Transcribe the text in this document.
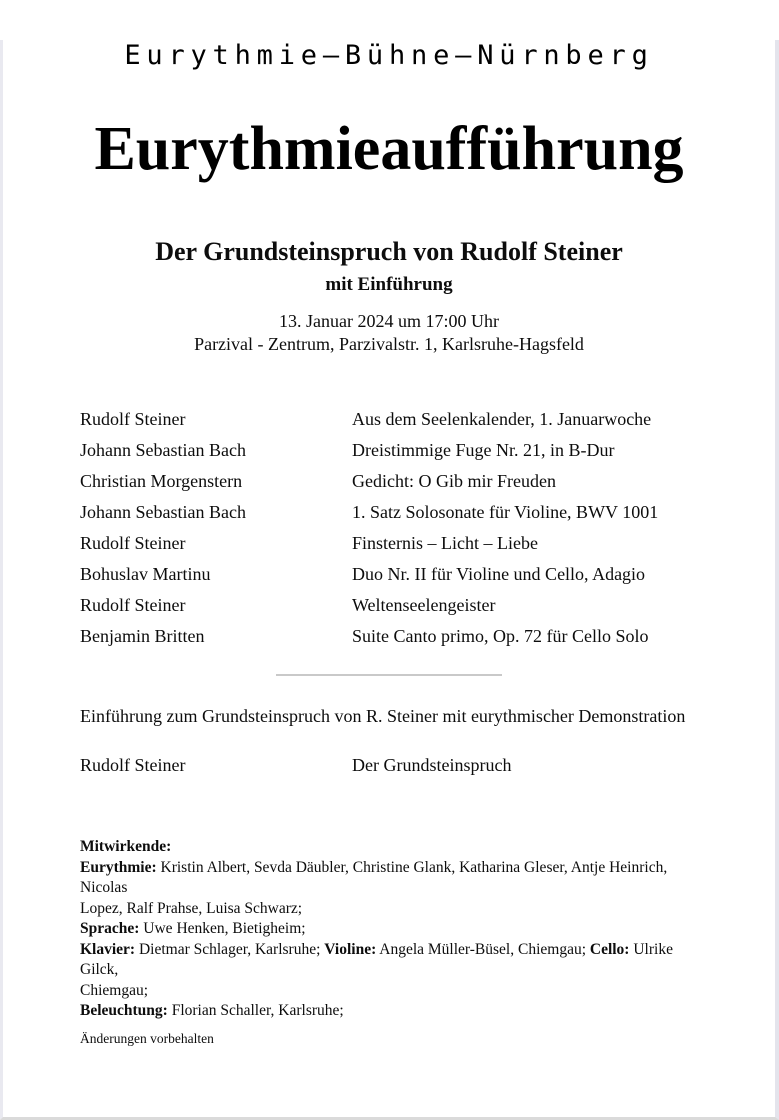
Eurythmie–Bühne–Nürnberg
Eurythmieaufführung
Der Grundsteinspruch von Rudolf Steiner
mit Einführung
13. Januar 2024 um 17:00 Uhr
Parzival - Zentrum, Parzivalstr. 1, Karlsruhe-Hagsfeld
Rudolf Steiner	Aus dem Seelenkalender, 1. Januarwoche
Johann Sebastian Bach	Dreistimmige Fuge Nr. 21, in B-Dur
Christian Morgenstern	Gedicht: O Gib mir Freuden
Johann Sebastian Bach	1. Satz Solosonate für Violine, BWV 1001
Rudolf Steiner	Finsternis – Licht – Liebe
Bohuslav Martinu	Duo Nr. II für Violine und Cello, Adagio
Rudolf Steiner	Weltenseelengeister
Benjamin Britten	Suite Canto primo, Op. 72 für Cello Solo
Einführung zum Grundsteinspruch von R. Steiner mit eurythmischer Demonstration
Rudolf Steiner	Der Grundsteinspruch
Mitwirkende:
Eurythmie: Kristin Albert, Sevda Däubler, Christine Glank, Katharina Gleser, Antje Heinrich, Nicolas
Lopez, Ralf Prahse, Luisa Schwarz;
Sprache: Uwe Henken, Bietigheim;
Klavier: Dietmar Schlager, Karlsruhe; Violine: Angela Müller-Büsel, Chiemgau; Cello: Ulrike Gilck,
Chiemgau;
Beleuchtung: Florian Schaller, Karlsruhe;
Änderungen vorbehalten
